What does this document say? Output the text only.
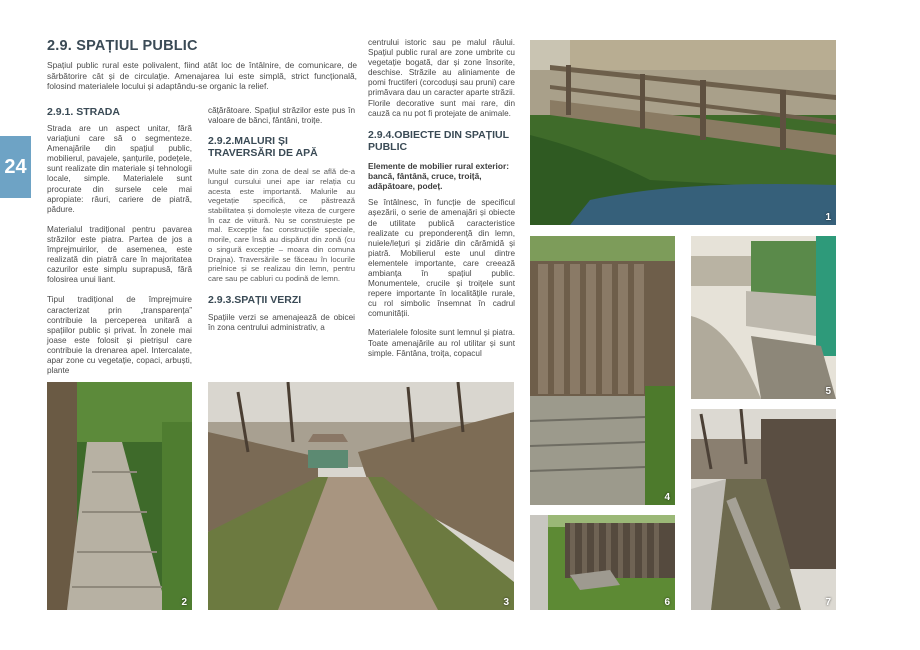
24
2.9. SPAȚIUL PUBLIC

Spațiul public rural este polivalent, fiind atât loc de întâlnire, de comunicare, de sărbătorire cât și de circulație. Amenajarea lui este simplă, strict funcțională, folosind materialele locului și adaptându-se organic la relief.

2.9.1. STRADA

Strada are un aspect unitar, fără variațiuni care să o segmenteze. Amenajările din spațiul public, mobilierul, pavajele, șanțurile, podețele, sunt realizate din materiale și tehnologii locale, simple. Materialele sunt procurate din sursele cele mai apropiate: râuri, cariere de piatră, pădure.

Materialul tradițional pentru pavarea străzilor este piatra. Partea de jos a împrejmuirilor, de asemenea, este realizată din piatră care în majoritatea cazurilor este simplu suprapusă, fără folosirea unui liant.

Tipul tradițional de împrejmuire caracterizat prin „transparența” contribuie la perceperea unitară a spațiilor public și privat. În zonele mai joase este folosit și pietrișul care contribuie la drenarea apel. Intercalate, apar zone cu vegetație, copaci, arbuști, plante

cățărătoare. Spațiul străzilor este pus în valoare de bănci, fântâni, troițe.

2.9.2.MALURI ȘI TRAVERSĂRI DE APĂ

Multe sate din zona de deal se află de-a lungul cursului unei ape iar relația cu acesta este importantă. Malurile au vegetație specifică, ce păstrează stabilitatea și domolește viteza de curgere în caz de viitură. Nu se construiește pe mal. Excepție fac construcțiile speciale, morile, care însă au dispărut din zonă (cu o singură excepție – moara din comuna Drajna). Traversările se făceau în locurile prielnice și se realizau din lemn, pentru care sau pe cabluri cu podină de lemn.

2.9.3.SPAȚII VERZI

Spațiile verzi se amenajează de obicei în zona centrului administrativ, a

centrului istoric sau pe malul râului. Spațiul public rural are zone umbrite cu vegetație bogată, dar și zone însorite, deschise. Străzile au aliniamente de pomi fructiferi (corcoduși sau pruni) care primăvara dau un caracter aparte străzii. Florile decorative sunt mai rare, din cauză ca nu pot fi protejate de animale.

2.9.4.OBIECTE DIN SPAȚIUL PUBLIC

Elemente de mobilier rural exterior: bancă, fântână, cruce, troiță, adăpătoare, podeț.

Se întâlnesc, în funcție de specificul așezării, o serie de amenajări și obiecte de utilitate publică caracteristice realizate cu preponderență din lemn, nuiele/lețuri și zidărie din cărămidă și piatră. Mobilierul este unul dintre elementele importante, care creează ambianța în spațiul public. Monumentele, crucile și troițele sunt repere importante în localitățile rurale, cu rol simbolic însemnat în cadrul comunității.

Materialele folosite sunt lemnul și piatra. Toate amenajările au rol utilitar și sunt simple. Fântâna, troița, copacul

1
2	3
4
5
6	7
